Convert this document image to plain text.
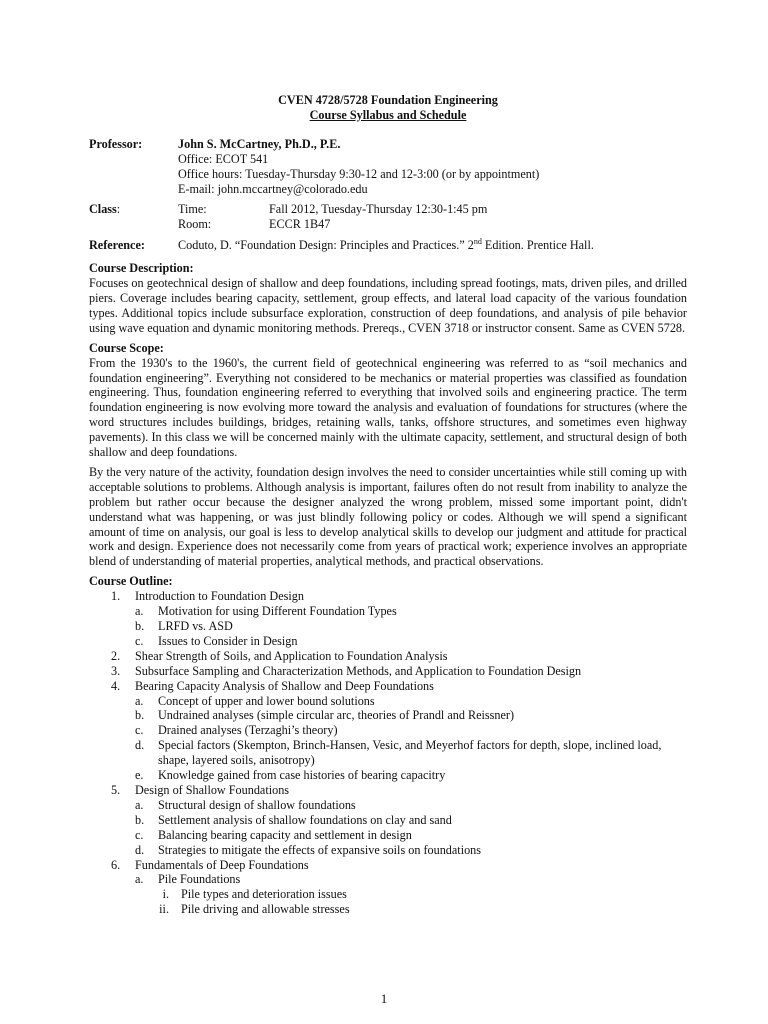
CVEN 4728/5728 Foundation Engineering
Course Syllabus and Schedule
Professor:	John S. McCartney, Ph.D., P.E.
Office: ECOT 541
Office hours: Tuesday-Thursday 9:30-12 and 12-3:00 (or by appointment)
E-mail: john.mccartney@colorado.edu
Class:	Time:	Fall 2012, Tuesday-Thursday 12:30-1:45 pm
Room:	ECCR 1B47
Reference:	Coduto, D. “Foundation Design: Principles and Practices.” 2nd Edition. Prentice Hall.
Course Description:

Focuses on geotechnical design of shallow and deep foundations, including spread footings, mats, driven piles, and drilled piers. Coverage includes bearing capacity, settlement, group effects, and lateral load capacity of the various foundation types. Additional topics include subsurface exploration, construction of deep foundations, and analysis of pile behavior using wave equation and dynamic monitoring methods. Prereqs., CVEN 3718 or instructor consent. Same as CVEN 5728.

Course Scope:

From the 1930's to the 1960's, the current field of geotechnical engineering was referred to as “soil mechanics and foundation engineering”. Everything not considered to be mechanics or material properties was classified as foundation engineering. Thus, foundation engineering referred to everything that involved soils and engineering practice. The term foundation engineering is now evolving more toward the analysis and evaluation of foundations for structures (where the word structures includes buildings, bridges, retaining walls, tanks, offshore structures, and sometimes even highway pavements). In this class we will be concerned mainly with the ultimate capacity, settlement, and structural design of both shallow and deep foundations.

By the very nature of the activity, foundation design involves the need to consider uncertainties while still coming up with acceptable solutions to problems. Although analysis is important, failures often do not result from inability to analyze the problem but rather occur because the designer analyzed the wrong problem, missed some important point, didn't understand what was happening, or was just blindly following policy or codes. Although we will spend a significant amount of time on analysis, our goal is less to develop analytical skills to develop our judgment and attitude for practical work and design. Experience does not necessarily come from years of practical work; experience involves an appropriate blend of understanding of material properties, analytical methods, and practical observations.

Course Outline:
1. Introduction to Foundation Design
a. Motivation for using Different Foundation Types
b. LRFD vs. ASD
c. Issues to Consider in Design
2. Shear Strength of Soils, and Application to Foundation Analysis
3. Subsurface Sampling and Characterization Methods, and Application to Foundation Design
4. Bearing Capacity Analysis of Shallow and Deep Foundations
a. Concept of upper and lower bound solutions
b. Undrained analyses (simple circular arc, theories of Prandl and Reissner)
c. Drained analyses (Terzaghi’s theory)
d. Special factors (Skempton, Brinch-Hansen, Vesic, and Meyerhof factors for depth, slope, inclined load, shape, layered soils, anisotropy)
e. Knowledge gained from case histories of bearing capacitry
5. Design of Shallow Foundations
a. Structural design of shallow foundations
b. Settlement analysis of shallow foundations on clay and sand
c. Balancing bearing capacity and settlement in design
d. Strategies to mitigate the effects of expansive soils on foundations
6. Fundamentals of Deep Foundations
a. Pile Foundations
i. Pile types and deterioration issues
ii. Pile driving and allowable stresses
1
